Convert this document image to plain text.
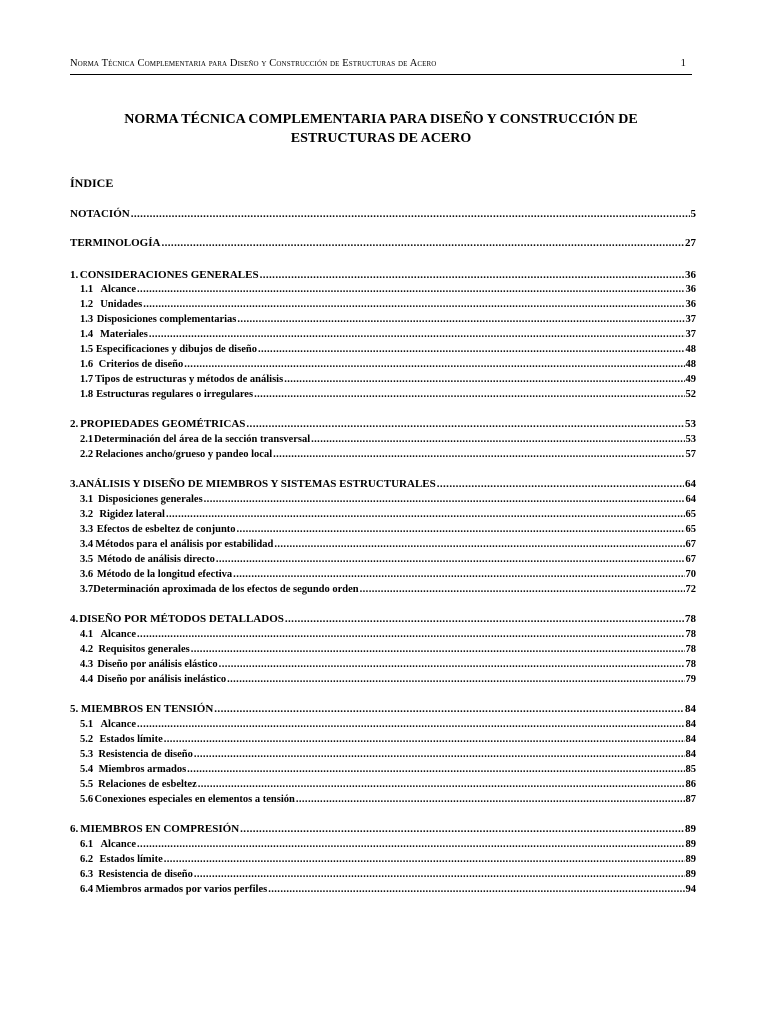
Norma Técnica Complementaria para Diseño y Construcción de Estructuras de Acero	1
NORMA TÉCNICA COMPLEMENTARIA PARA DISEÑO Y CONSTRUCCIÓN DE
ESTRUCTURAS DE ACERO
ÍNDICE
NOTACIÓN .....	5
TERMINOLOGÍA .....	27
1. CONSIDERACIONES GENERALES .....	36
1.1 Alcance .....	36
1.2 Unidades .....	36
1.3 Disposiciones complementarias .....	37
1.4 Materiales .....	37
1.5 Especificaciones y dibujos de diseño .....	48
1.6 Criterios de diseño .....	48
1.7 Tipos de estructuras y métodos de análisis .....	49
1.8 Estructuras regulares o irregulares .....	52
2. PROPIEDADES GEOMÉTRICAS .....	53
2.1 Determinación del área de la sección transversal .....	53
2.2 Relaciones ancho/grueso y pandeo local .....	57
3. ANÁLISIS Y DISEÑO DE MIEMBROS Y SISTEMAS ESTRUCTURALES .....	64
3.1 Disposiciones generales .....	64
3.2 Rigidez lateral .....	65
3.3 Efectos de esbeltez de conjunto .....	65
3.4 Métodos para el análisis por estabilidad .....	67
3.5 Método de análisis directo .....	67
3.6 Método de la longitud efectiva .....	70
3.7 Determinación aproximada de los efectos de segundo orden .....	72
4. DISEÑO POR MÉTODOS DETALLADOS .....	78
4.1 Alcance .....	78
4.2 Requisitos generales .....	78
4.3 Diseño por análisis elástico .....	78
4.4 Diseño por análisis inelástico .....	79
5. MIEMBROS EN TENSIÓN .....	84
5.1 Alcance .....	84
5.2 Estados límite .....	84
5.3 Resistencia de diseño .....	84
5.4 Miembros armados .....	85
5.5 Relaciones de esbeltez .....	86
5.6 Conexiones especiales en elementos a tensión .....	87
6. MIEMBROS EN COMPRESIÓN .....	89
6.1 Alcance .....	89
6.2 Estados límite .....	89
6.3 Resistencia de diseño .....	89
6.4 Miembros armados por varios perfiles .....	94
